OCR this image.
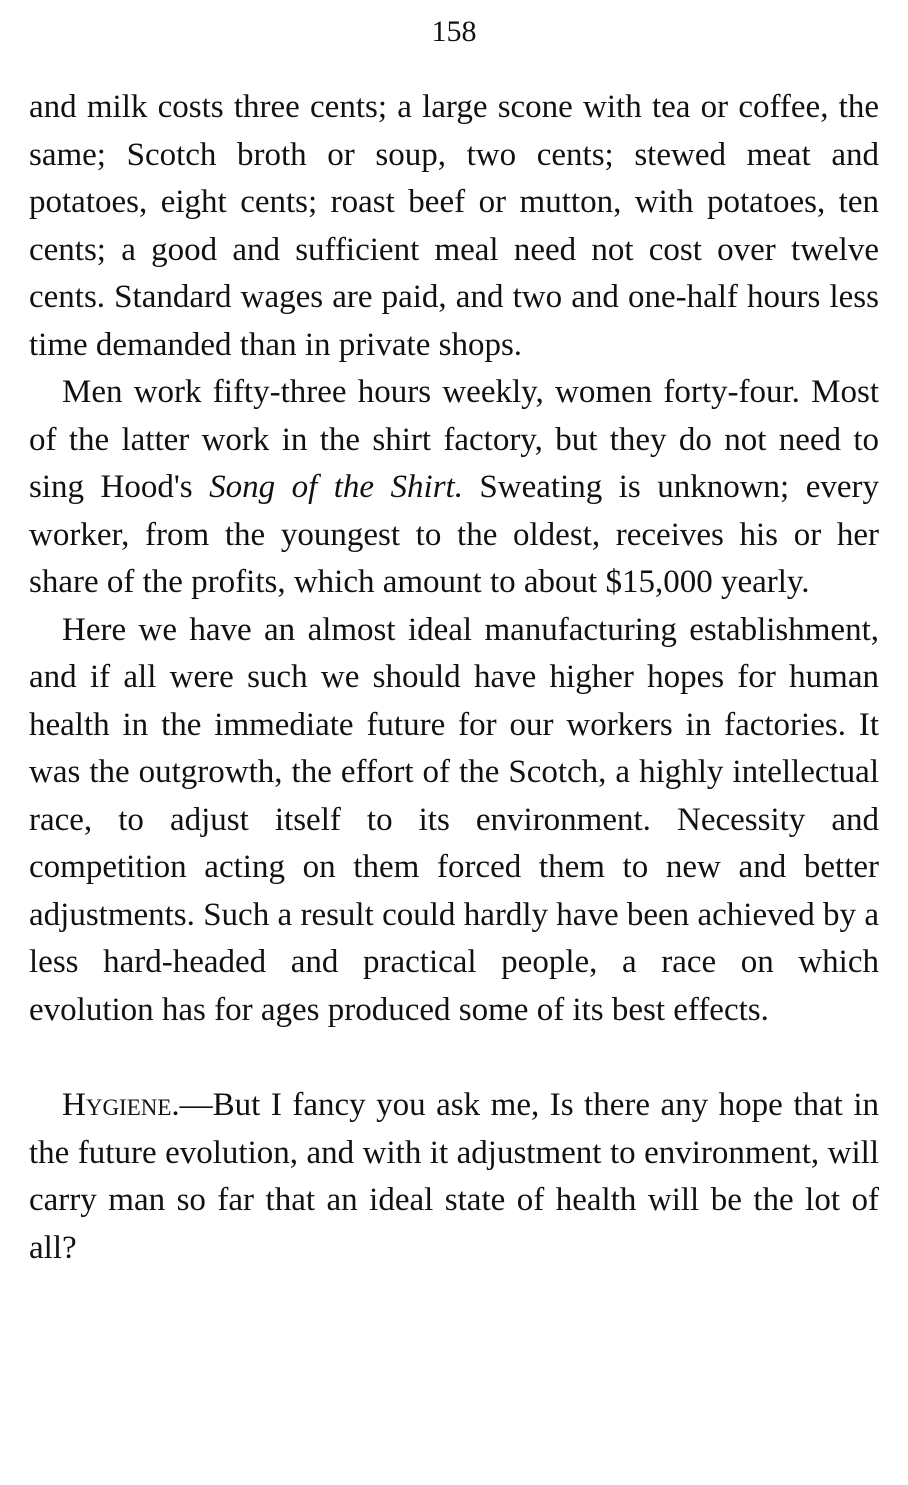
158

and milk costs three cents; a large scone with tea or coffee, the same; Scotch broth or soup, two cents; stewed meat and potatoes, eight cents; roast beef or mutton, with potatoes, ten cents; a good and sufficient meal need not cost over twelve cents. Standard wages are paid, and two and one-half hours less time demanded than in private shops.

Men work fifty-three hours weekly, women forty-four. Most of the latter work in the shirt factory, but they do not need to sing Hood's Song of the Shirt. Sweating is unknown; every worker, from the youngest to the oldest, receives his or her share of the profits, which amount to about $15,000 yearly.

Here we have an almost ideal manufacturing establishment, and if all were such we should have higher hopes for human health in the immediate future for our workers in factories. It was the outgrowth, the effort of the Scotch, a highly intellectual race, to adjust itself to its environment. Necessity and competition acting on them forced them to new and better adjustments. Such a result could hardly have been achieved by a less hard-headed and practical people, a race on which evolution has for ages produced some of its best effects.

Hygiene.—But I fancy you ask me, Is there any hope that in the future evolution, and with it adjustment to environment, will carry man so far that an ideal state of health will be the lot of all?
